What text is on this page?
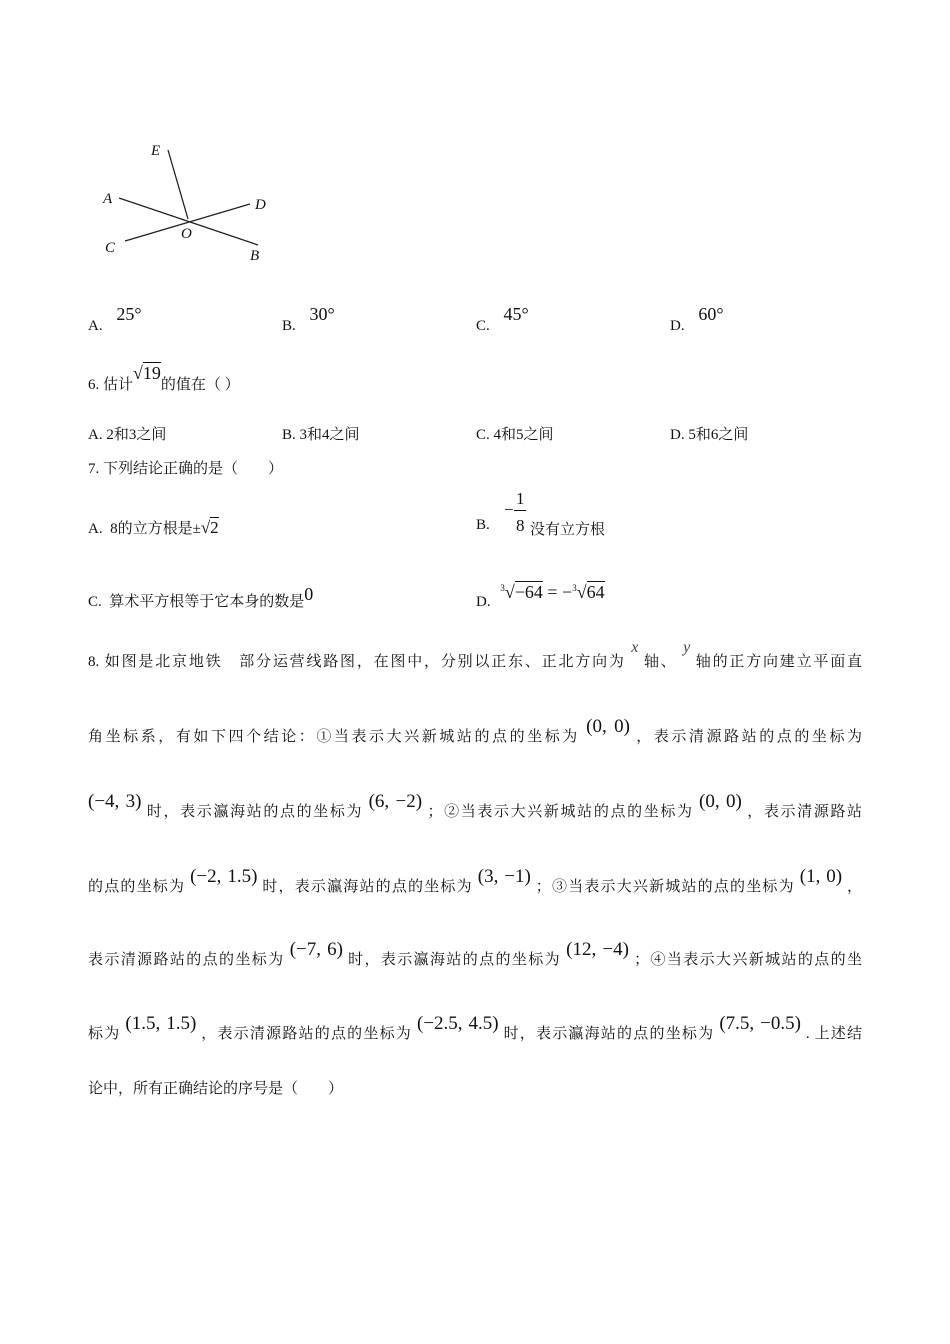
E
A	D
C
O
B
A. 25°
B. 30°
C. 45°
D. 60°
6. 估计√19的值在（ ）
A. 2和3之间	B. 3和4之间	C. 4和5之间	D. 5和6之间
7. 下列结论正确的是（　　）
A. 8的立方根是±√2	B.
−
1
8 没有立方根
C. 算术平方根等于它本身的数是0	D. $^3$√−64 = −$^3$√64
8. 如图是北京地铁　部分运营线路图，在图中，分别以正东、正北方向为 x 轴、 y 轴的正方向建立平面直
角坐标系，有如下四个结论：①当表示大兴新城站的点的坐标为 (0, 0) ，表示清源路站的点的坐标为
(−4, 3) 时，表示瀛海站的点的坐标为 (6, −2) ；②当表示大兴新城站的点的坐标为 (0, 0) ，表示清源路站
的点的坐标为 (−2, 1.5) 时，表示瀛海站的点的坐标为 (3, −1) ；③当表示大兴新城站的点的坐标为 (1, 0) ，
表示清源路站的点的坐标为 (−7, 6) 时，表示瀛海站的点的坐标为 (12, −4) ；④当表示大兴新城站的点的坐
标为 (1.5, 1.5) ，表示清源路站的点的坐标为 (−2.5, 4.5) 时，表示瀛海站的点的坐标为 (7.5, −0.5) . 上述结
论中，所有正确结论的序号是（　　）
